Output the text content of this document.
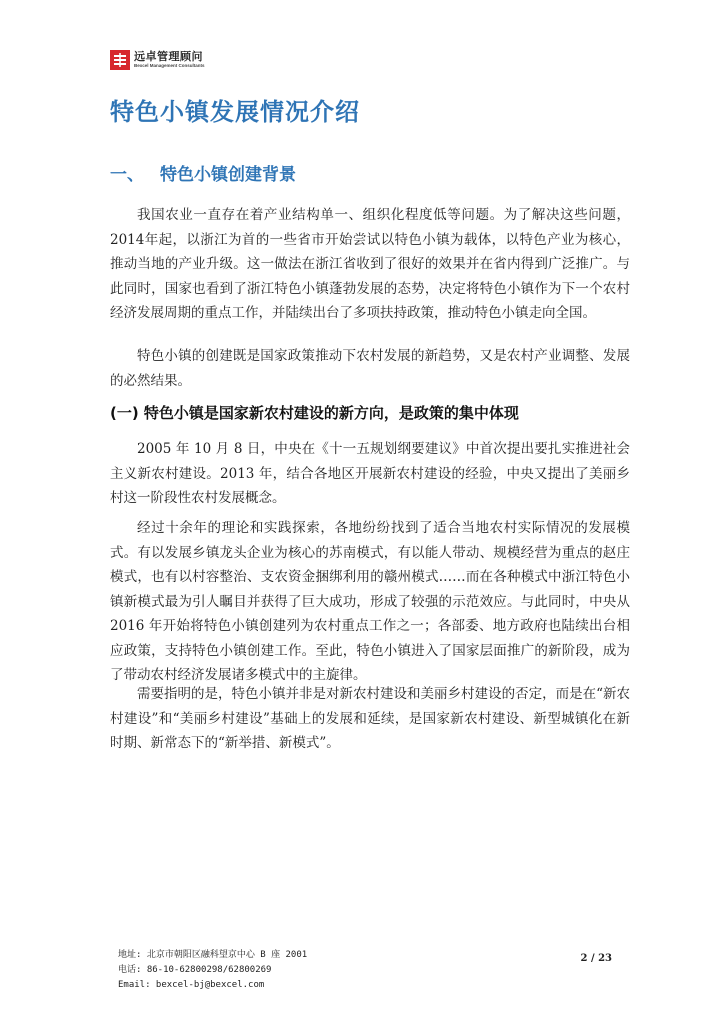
远卓管理顾问
Bexcel Management Consultants
特色小镇发展情况介绍
一、 特色小镇创建背景

我国农业一直存在着产业结构单一、组织化程度低等问题。为了解决这些问题，2014年起，以浙江为首的一些省市开始尝试以特色小镇为载体，以特色产业为核心，推动当地的产业升级。这一做法在浙江省收到了很好的效果并在省内得到广泛推广。与此同时，国家也看到了浙江特色小镇蓬勃发展的态势，决定将特色小镇作为下一个农村经济发展周期的重点工作，并陆续出台了多项扶持政策，推动特色小镇走向全国。

特色小镇的创建既是国家政策推动下农村发展的新趋势，又是农村产业调整、发展的必然结果。

(一) 特色小镇是国家新农村建设的新方向，是政策的集中体现

2005 年 10 月 8 日，中央在《十一五规划纲要建议》中首次提出要扎实推进社会主义新农村建设。2013 年，结合各地区开展新农村建设的经验，中央又提出了美丽乡村这一阶段性农村发展概念。

经过十余年的理论和实践探索，各地纷纷找到了适合当地农村实际情况的发展模式。有以发展乡镇龙头企业为核心的苏南模式，有以能人带动、规模经营为重点的赵庄模式，也有以村容整治、支农资金捆绑利用的赣州模式……而在各种模式中浙江特色小镇新模式最为引人瞩目并获得了巨大成功，形成了较强的示范效应。与此同时，中央从 2016 年开始将特色小镇创建列为农村重点工作之一；各部委、地方政府也陆续出台相应政策，支持特色小镇创建工作。至此，特色小镇进入了国家层面推广的新阶段，成为了带动农村经济发展诸多模式中的主旋律。

需要指明的是，特色小镇并非是对新农村建设和美丽乡村建设的否定，而是在“新农村建设”和“美丽乡村建设”基础上的发展和延续，是国家新农村建设、新型城镇化在新时期、新常态下的“新举措、新模式”。

地址: 北京市朝阳区融科望京中心 B 座 2001
电话: 86-10-62800298/62800269
Email: bexcel-bj@bexcel.com
2 / 23
